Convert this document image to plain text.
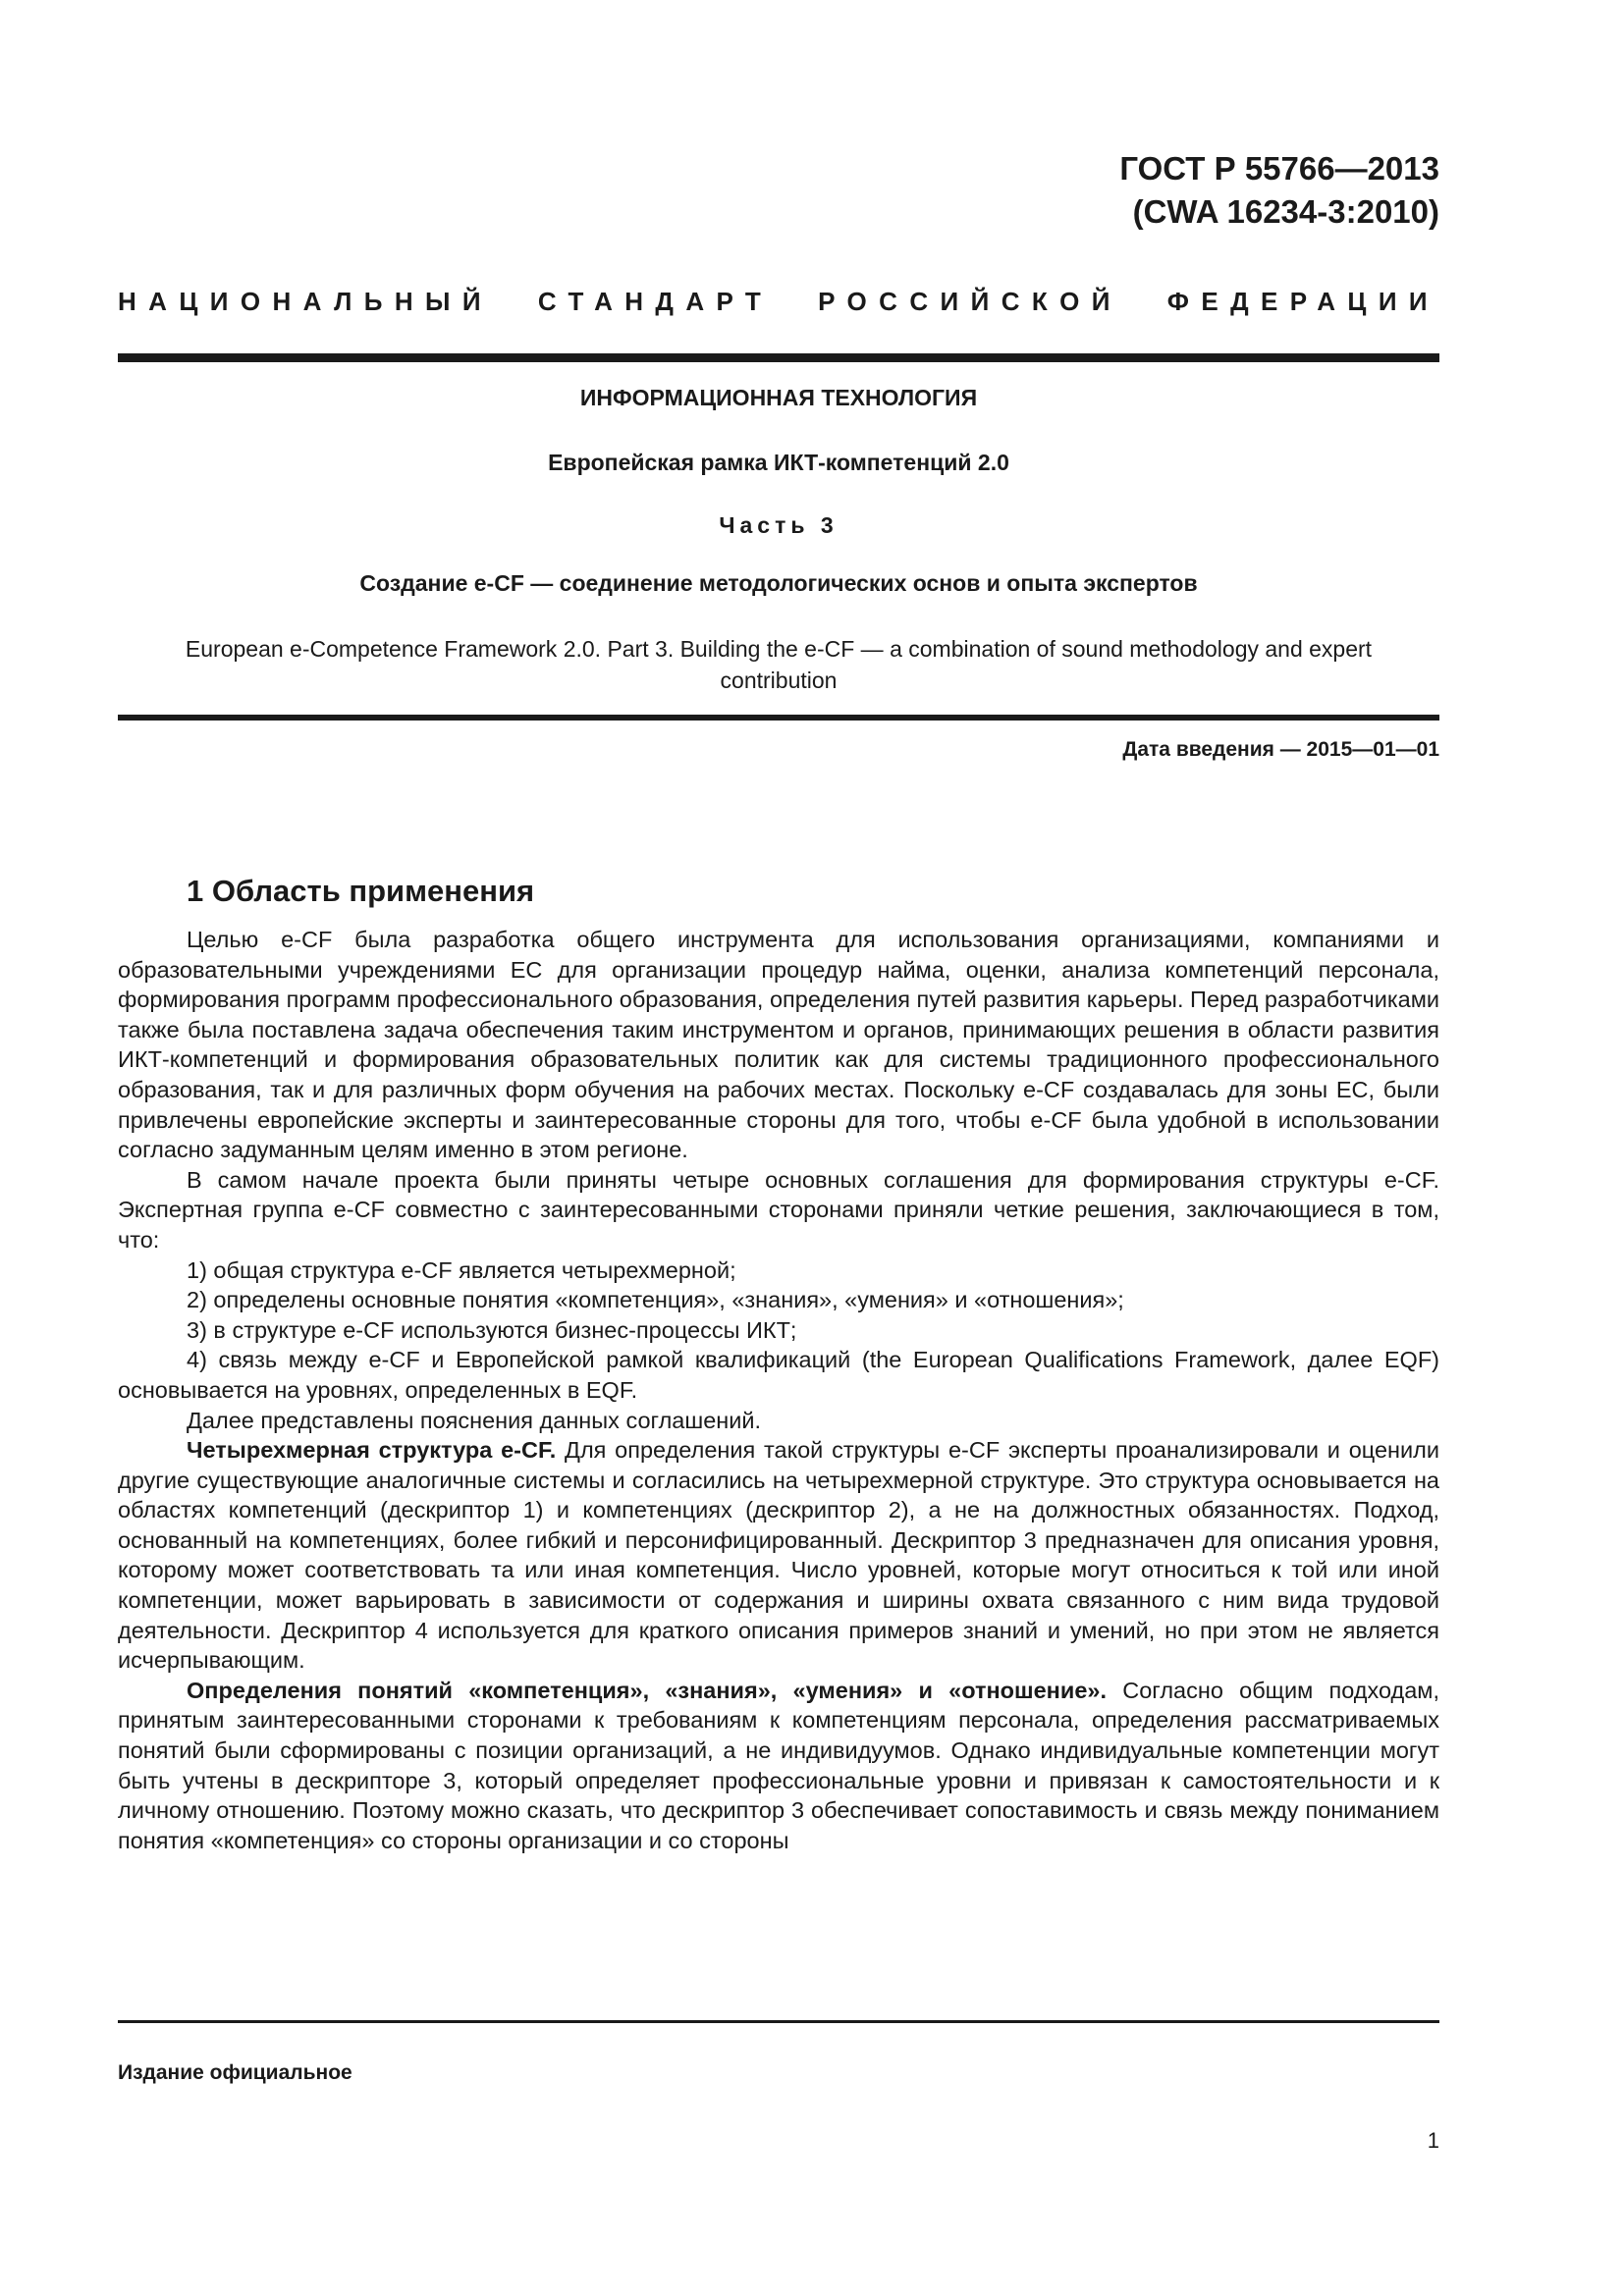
ГОСТ Р 55766—2013
(CWA 16234-3:2010)
НАЦИОНАЛЬНЫЙ СТАНДАРТ РОССИЙСКОЙ ФЕДЕРАЦИИ
ИНФОРМАЦИОННАЯ ТЕХНОЛОГИЯ
Европейская рамка ИКТ-компетенций 2.0
Часть 3
Создание e-CF — соединение методологических основ и опыта экспертов
European e-Competence Framework 2.0. Part 3. Building the e-CF — a combination of sound methodology and expert contribution
Дата введения — 2015—01—01
1 Область применения

Целью e-CF была разработка общего инструмента для использования организациями, компаниями и образовательными учреждениями ЕС для организации процедур найма, оценки, анализа компетенций персонала, формирования программ профессионального образования, определения путей развития карьеры. Перед разработчиками также была поставлена задача обеспечения таким инструментом и органов, принимающих решения в области развития ИКТ-компетенций и формирования образовательных политик как для системы традиционного профессионального образования, так и для различных форм обучения на рабочих местах. Поскольку e-CF создавалась для зоны ЕС, были привлечены европейские эксперты и заинтересованные стороны для того, чтобы e-CF была удобной в использовании согласно задуманным целям именно в этом регионе.

В самом начале проекта были приняты четыре основных соглашения для формирования структуры e-CF. Экспертная группа e-CF совместно с заинтересованными сторонами приняли четкие решения, заключающиеся в том, что:

1) общая структура e-CF является четырехмерной;

2) определены основные понятия «компетенция», «знания», «умения» и «отношения»;

3) в структуре e-CF используются бизнес-процессы ИКТ;

4) связь между e-CF и Европейской рамкой квалификаций (the European Qualifications Framework, далее EQF) основывается на уровнях, определенных в EQF.

Далее представлены пояснения данных соглашений.

Четырехмерная структура e-CF. Для определения такой структуры e-CF эксперты проанализировали и оценили другие существующие аналогичные системы и согласились на четырехмерной структуре. Это структура основывается на областях компетенций (дескриптор 1) и компетенциях (дескриптор 2), а не на должностных обязанностях. Подход, основанный на компетенциях, более гибкий и персонифицированный. Дескриптор 3 предназначен для описания уровня, которому может соответствовать та или иная компетенция. Число уровней, которые могут относиться к той или иной компетенции, может варьировать в зависимости от содержания и ширины охвата связанного с ним вида трудовой деятельности. Дескриптор 4 используется для краткого описания примеров знаний и умений, но при этом не является исчерпывающим.

Определения понятий «компетенция», «знания», «умения» и «отношение». Согласно общим подходам, принятым заинтересованными сторонами к требованиям к компетенциям персонала, определения рассматриваемых понятий были сформированы с позиции организаций, а не индивидуумов. Однако индивидуальные компетенции могут быть учтены в дескрипторе 3, который определяет профессиональные уровни и привязан к самостоятельности и к личному отношению. Поэтому можно сказать, что дескриптор 3 обеспечивает сопоставимость и связь между пониманием понятия «компетенция» со стороны организации и со стороны

Издание официальное
1
